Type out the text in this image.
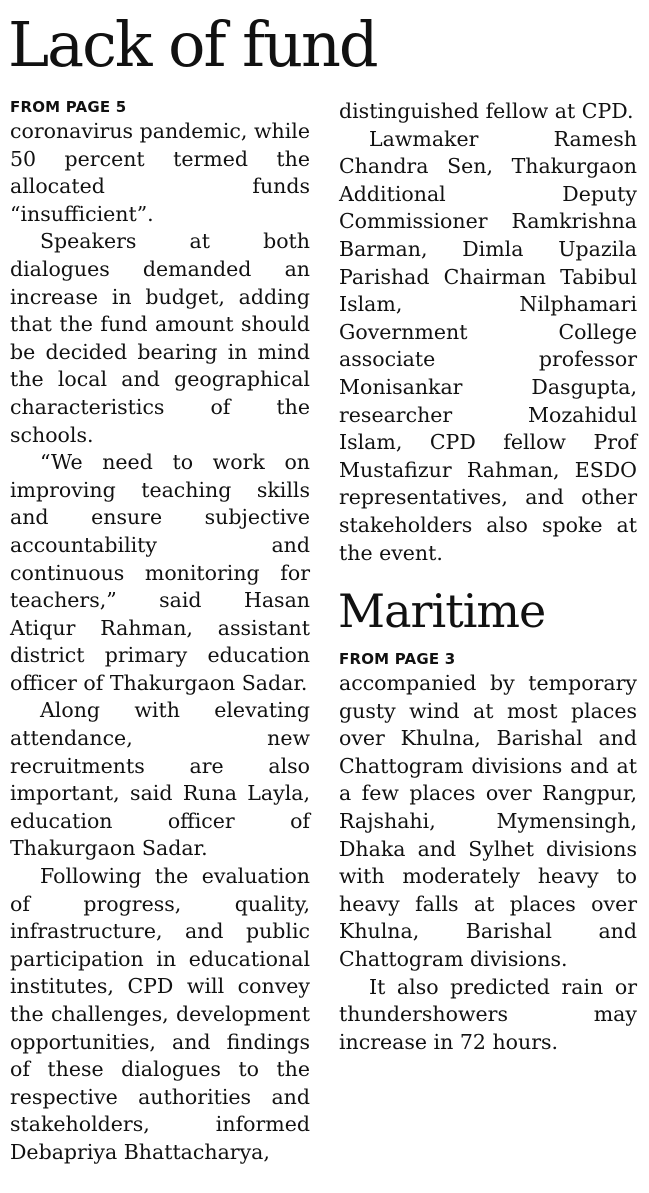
Lack of fund
FROM PAGE 5

coronavirus pandemic, while 50 percent termed the allocated funds “insufficient”.

Speakers at both dialogues demanded an increase in budget, adding that the fund amount should be decided bearing in mind the local and geographical characteristics of the schools.

“We need to work on improving teaching skills and ensure subjective accountability and continuous monitoring for teachers,” said Hasan Atiqur Rahman, assistant district primary education officer of Thakurgaon Sadar.

Along with elevating attendance, new recruitments are also important, said Runa Layla, education officer of Thakurgaon Sadar.

Following the evaluation of progress, quality, infrastructure, and public participation in educational institutes, CPD will convey the challenges, development opportunities, and findings of these dialogues to the respective authorities and stakeholders, informed Debapriya Bhattacharya,

distinguished fellow at CPD.

Lawmaker Ramesh Chandra Sen, Thakurgaon Additional Deputy Commissioner Ramkrishna Barman, Dimla Upazila Parishad Chairman Tabibul Islam, Nilphamari Government College associate professor Monisankar Dasgupta, researcher Mozahidul Islam, CPD fellow Prof Mustafizur Rahman, ESDO representatives, and other stakeholders also spoke at the event.

Maritime
FROM PAGE 3

accompanied by temporary gusty wind at most places over Khulna, Barishal and Chattogram divisions and at a few places over Rangpur, Rajshahi, Mymensingh, Dhaka and Sylhet divisions with moderately heavy to heavy falls at places over Khulna, Barishal and Chattogram divisions.

It also predicted rain or thundershowers may increase in 72 hours.
